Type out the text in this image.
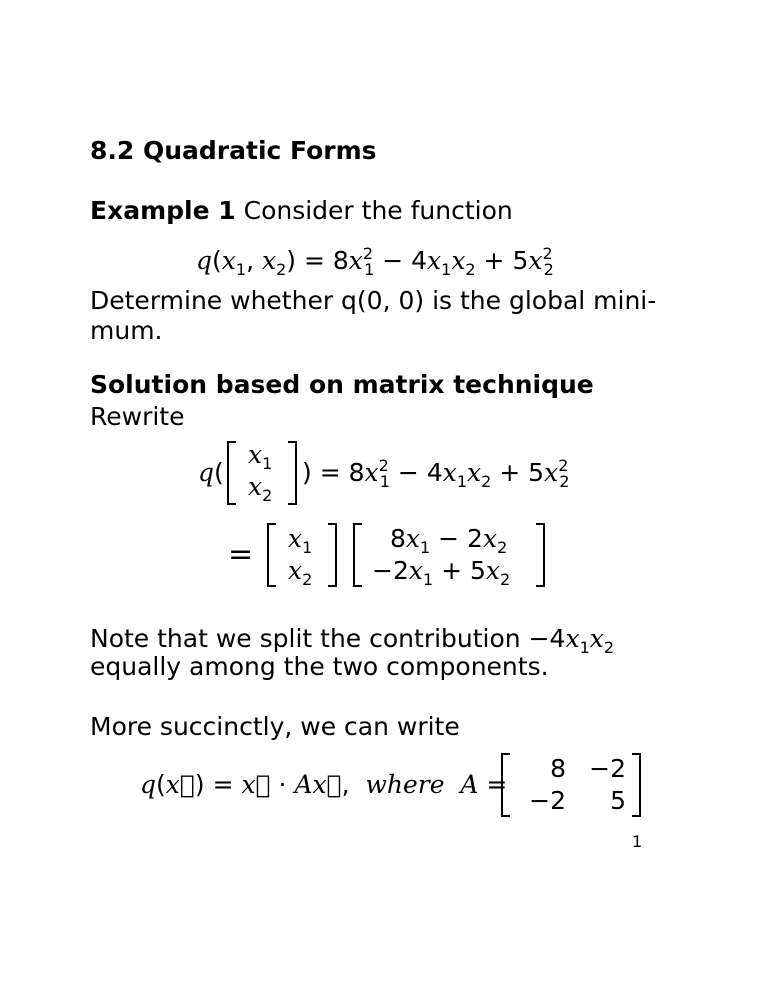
8.2 Quadratic Forms
Example 1 Consider the function
$q(x_1$, $x_2) = 8x^2_1 - 4x_1x_2 + 5x^2_2$
Determine whether q(0, 0) is the global mini-
mum.
Solution based on matrix technique
Rewrite
q(
$x_1$
$x_2$
) = $8x^2_1 - 4x_1x_2 + 5x^2_2$
= $x_1$
$x_2$
$8x_1 - 2x_2$
$-2x_1 + 5x_2$
Note that we split the contribution $-4x_1x_2$
equally among the two components.
More succinctly, we can write
q(x⃗) = x⃗ · Ax⃗,  where A =
8 −2
−2	5
1
